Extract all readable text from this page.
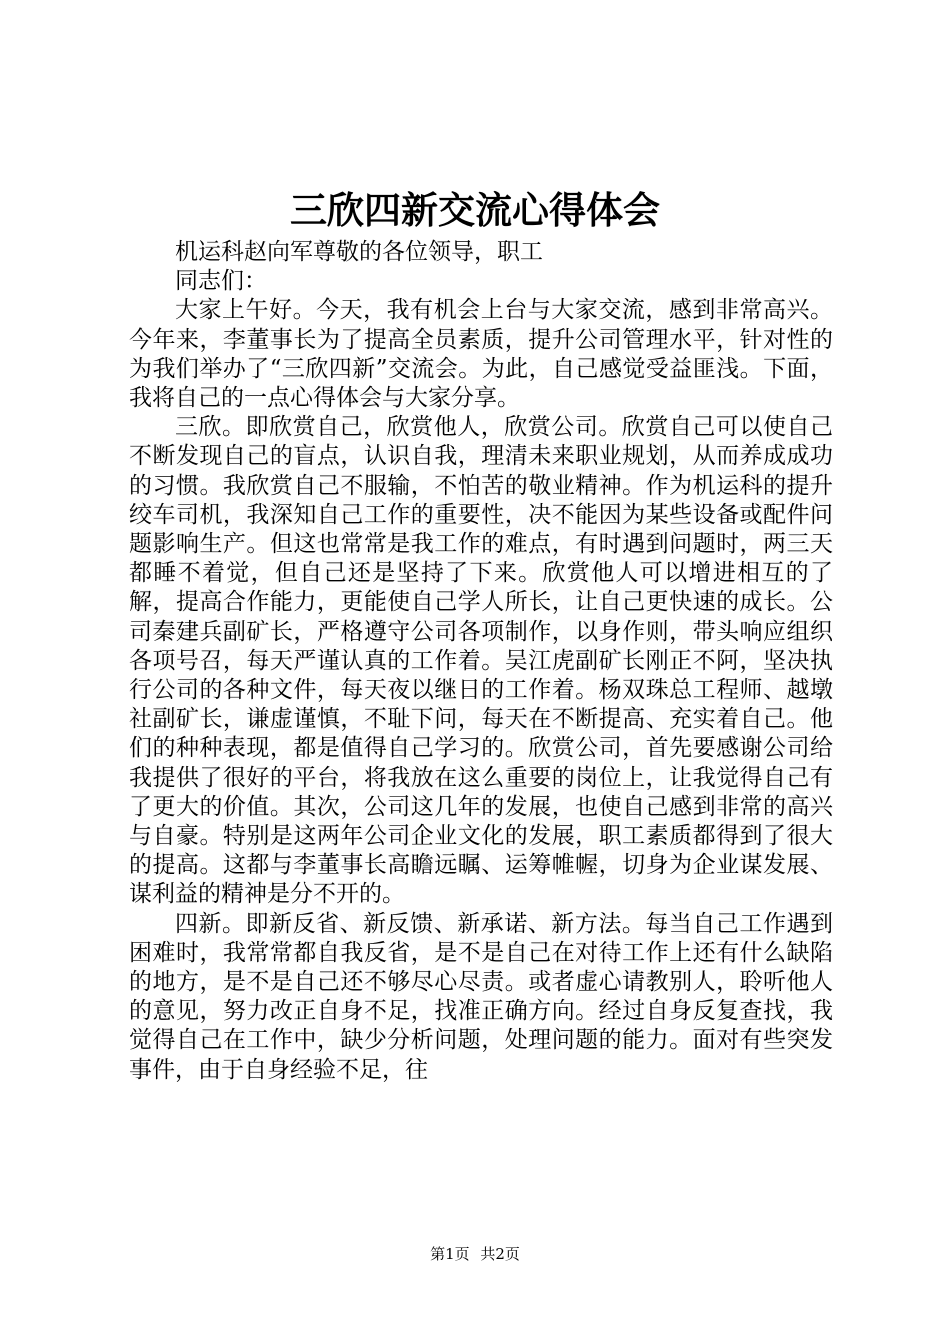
三欣四新交流心得体会

机运科赵向军尊敬的各位领导，职工

同志们：

大家上午好。今天，我有机会上台与大家交流，感到非常高兴。今年来，李董事长为了提高全员素质，提升公司管理水平，针对性的为我们举办了“三欣四新”交流会。为此，自己感觉受益匪浅。下面，我将自己的一点心得体会与大家分享。

三欣。即欣赏自己，欣赏他人，欣赏公司。欣赏自己可以使自己不断发现自己的盲点，认识自我，理清未来职业规划，从而养成成功的习惯。我欣赏自己不服输，不怕苦的敬业精神。作为机运科的提升绞车司机，我深知自己工作的重要性，决不能因为某些设备或配件问题影响生产。但这也常常是我工作的难点，有时遇到问题时，两三天都睡不着觉，但自己还是坚持了下来。欣赏他人可以增进相互的了解，提高合作能力，更能使自己学人所长，让自己更快速的成长。公司秦建兵副矿长，严格遵守公司各项制作，以身作则，带头响应组织各项号召，每天严谨认真的工作着。吴江虎副矿长刚正不阿，坚决执行公司的各种文件，每天夜以继日的工作着。杨双珠总工程师、越墩社副矿长，谦虚谨慎，不耻下问，每天在不断提高、充实着自己。他们的种种表现，都是值得自己学习的。欣赏公司，首先要感谢公司给我提供了很好的平台，将我放在这么重要的岗位上，让我觉得自己有了更大的价值。其次，公司这几年的发展，也使自己感到非常的高兴与自豪。特别是这两年公司企业文化的发展，职工素质都得到了很大的提高。这都与李董事长高瞻远瞩、运筹帷幄，切身为企业谋发展、谋利益的精神是分不开的。

四新。即新反省、新反馈、新承诺、新方法。每当自己工作遇到困难时，我常常都自我反省，是不是自己在对待工作上还有什么缺陷的地方，是不是自己还不够尽心尽责。或者虚心请教别人，聆听他人的意见，努力改正自身不足，找准正确方向。经过自身反复查找，我觉得自己在工作中，缺少分析问题，处理问题的能力。面对有些突发事件，由于自身经验不足，往

第1页 共2页
